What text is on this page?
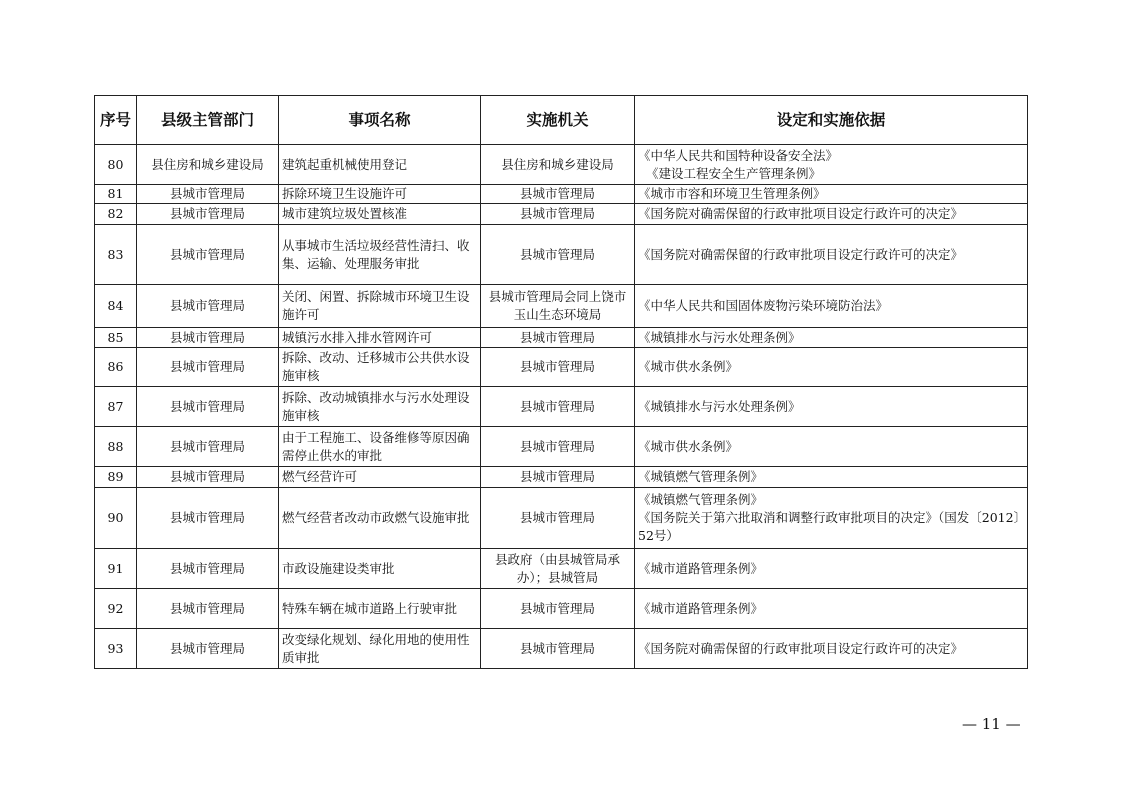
序号	县级主管部门	事项名称	实施机关	设定和实施依据
80	县住房和城乡建设局	建筑起重机械使用登记	县住房和城乡建设局	《中华人民共和国特种设备安全法》
《建设工程安全生产管理条例》

81	县城市管理局	拆除环境卫生设施许可	县城市管理局	《城市市容和环境卫生管理条例》

82	县城市管理局	城市建筑垃圾处置核准	县城市管理局	《国务院对确需保留的行政审批项目设定行政许可的决定》

83	县城市管理局	从事城市生活垃圾经营性清扫、收集、运输、处理服务审批	县城市管理局	《国务院对确需保留的行政审批项目设定行政许可的决定》

84	县城市管理局	关闭、闲置、拆除城市环境卫生设施许可	县城市管理局会同上饶市玉山生态环境局	《中华人民共和国固体废物污染环境防治法》

85	县城市管理局	城镇污水排入排水管网许可	县城市管理局	《城镇排水与污水处理条例》

86	县城市管理局	拆除、改动、迁移城市公共供水设施审核	县城市管理局	《城市供水条例》

87	县城市管理局	拆除、改动城镇排水与污水处理设施审核	县城市管理局	《城镇排水与污水处理条例》

88	县城市管理局	由于工程施工、设备维修等原因确需停止供水的审批	县城市管理局	《城市供水条例》

89	县城市管理局	燃气经营许可	县城市管理局	《城镇燃气管理条例》

90	县城市管理局	燃气经营者改动市政燃气设施审批	县城市管理局	《城镇燃气管理条例》
《国务院关于第六批取消和调整行政审批项目的决定》（国发〔2012〕52号）

91	县城市管理局	市政设施建设类审批	县政府（由县城管局承办）；县城管局	《城市道路管理条例》

92	县城市管理局	特殊车辆在城市道路上行驶审批	县城市管理局	《城市道路管理条例》

93	县城市管理局	改变绿化规划、绿化用地的使用性质审批	县城市管理局	《国务院对确需保留的行政审批项目设定行政许可的决定》
— 11 —
